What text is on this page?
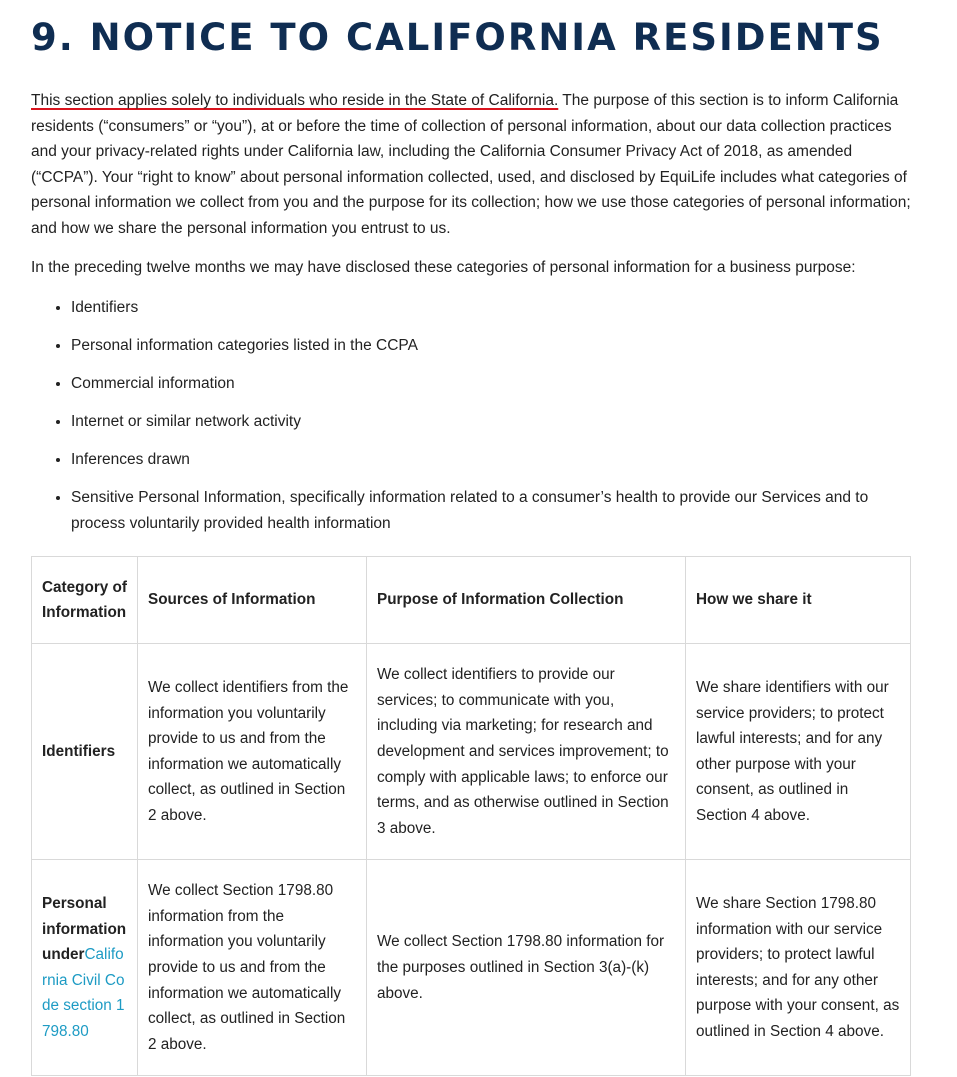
9. NOTICE TO CALIFORNIA RESIDENTS

This section applies solely to individuals who reside in the State of California. The purpose of this section is to inform California residents (“consumers” or “you”), at or before the time of collection of personal information, about our data collection practices and your privacy-related rights under California law, including the California Consumer Privacy Act of 2018, as amended (“CCPA”). Your “right to know” about personal information collected, used, and disclosed by EquiLife includes what categories of personal information we collect from you and the purpose for its collection; how we use those categories of personal information; and how we share the personal information you entrust to us.

In the preceding twelve months we may have disclosed these categories of personal information for a business purpose:

• Identifiers
• Personal information categories listed in the CCPA
• Commercial information
• Internet or similar network activity
• Inferences drawn
• Sensitive Personal Information, specifically information related to a consumer’s health to provide our Services and to process voluntarily provided health information
Category of Information	Sources of Information	Purpose of Information Collection	How we share it
Identifiers	We collect identifiers from the information you voluntarily provide to us and from the information we automatically collect, as outlined in Section 2 above.	We collect identifiers to provide our services; to communicate with you, including via marketing; for research and development and services improvement; to comply with applicable laws; to enforce our terms, and as otherwise outlined in Section 3 above.	We share identifiers with our service providers; to protect lawful interests; and for any other purpose with your consent, as outlined in Section 4 above.
Personal information underCalifornia Civil Code section 1798.80	We collect Section 1798.80 information from the information you voluntarily provide to us and from the information we automatically collect, as outlined in Section 2 above.	We collect Section 1798.80 information for the purposes outlined in Section 3(a)-(k) above.	We share Section 1798.80 information with our service providers; to protect lawful interests; and for any other purpose with your consent, as outlined in Section 4 above.
